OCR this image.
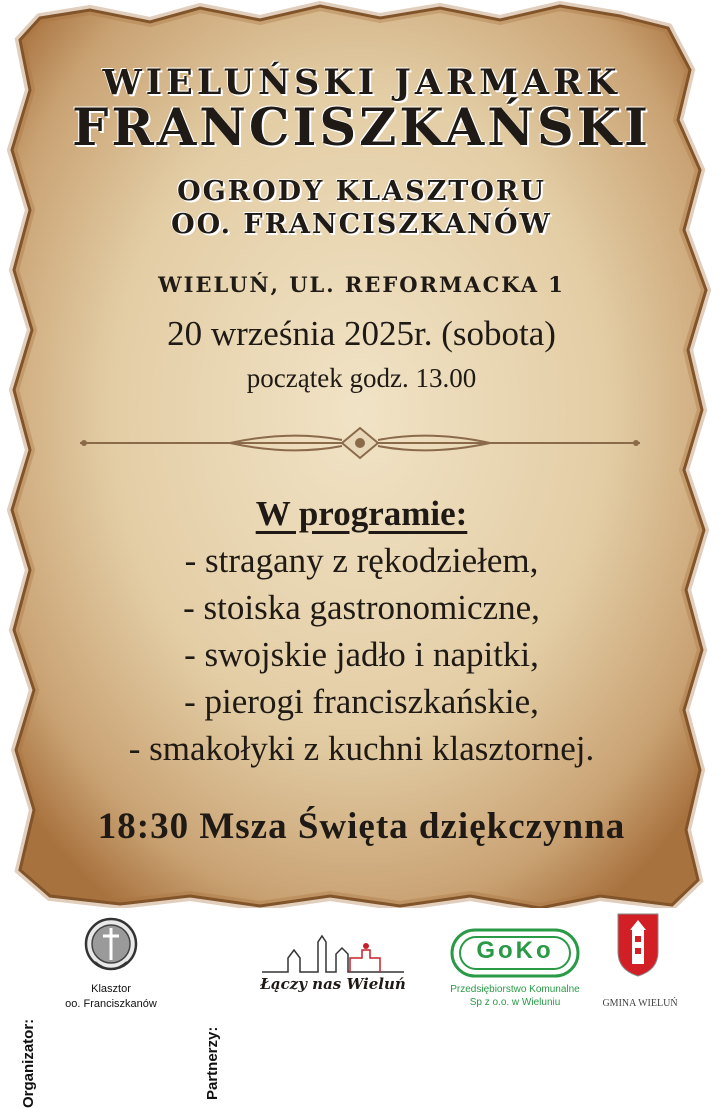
WIELUŃSKI JARMARK
FRANCISZKAŃSKI
OGRODY KLASZTORU
OO. FRANCISZKANÓW
WIELUŃ, UL. REFORMACKA 1
20 września 2025r. (sobota)
początek godz. 13.00
W programie:
- stragany z rękodziełem,
- stoiska gastronomiczne,
- swojskie jadło i napitki,
- pierogi franciszkańskie,
- smakołyki z kuchni klasztornej.
18:30 Msza Święta dziękczynna
Organizator:
Klasztor
oo. Franciszkanów
Partnerzy:
Łączy nas Wieluń
GoKo
Przedsiębiorstwo Komunalne
Sp z o.o. w Wieluniu	GMINA WIELUŃ
